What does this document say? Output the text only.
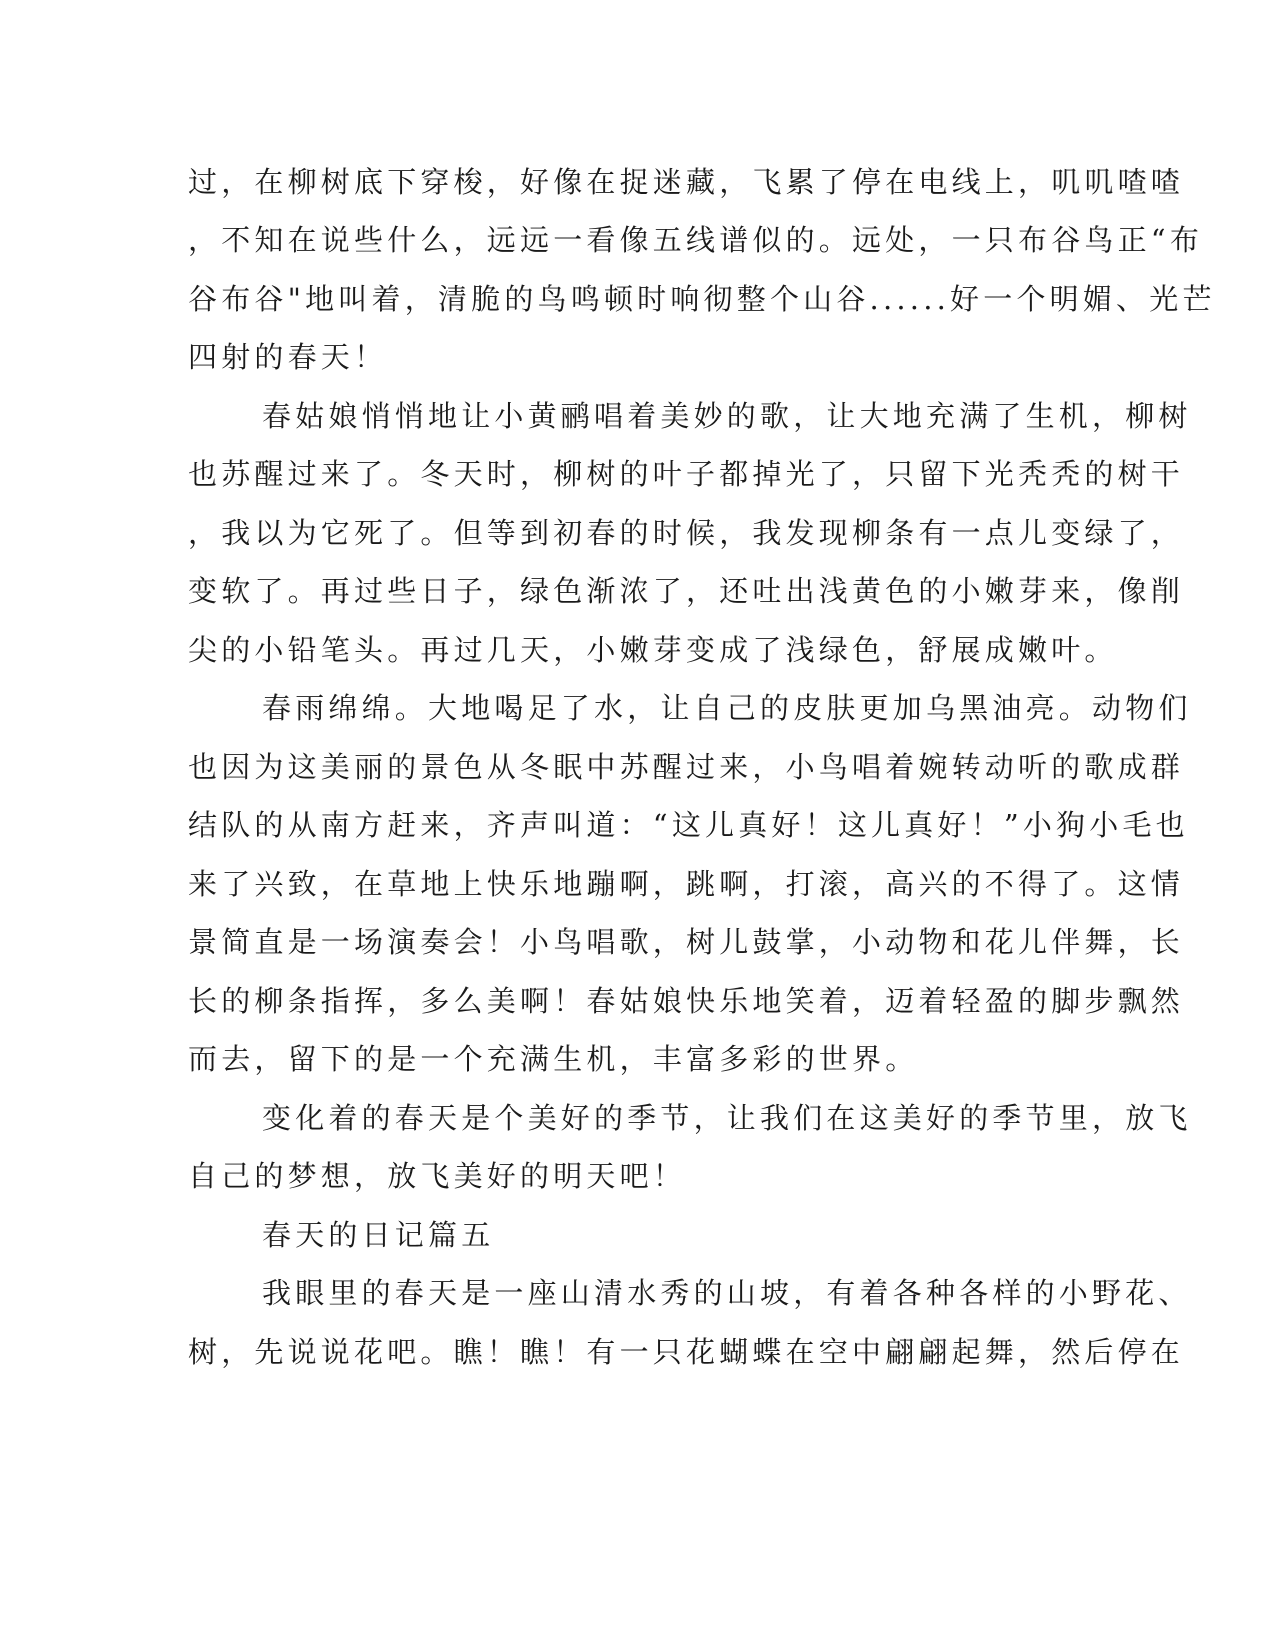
过，在柳树底下穿梭，好像在捉迷藏，飞累了停在电线上，叽叽喳喳
，不知在说些什么，远远一看像五线谱似的。远处，一只布谷鸟正“布
谷布谷"地叫着，清脆的鸟鸣顿时响彻整个山谷......好一个明媚、光芒
四射的春天！
春姑娘悄悄地让小黄鹂唱着美妙的歌，让大地充满了生机，柳树
也苏醒过来了。冬天时，柳树的叶子都掉光了，只留下光秃秃的树干
，我以为它死了。但等到初春的时候，我发现柳条有一点儿变绿了，
变软了。再过些日子，绿色渐浓了，还吐出浅黄色的小嫩芽来，像削
尖的小铅笔头。再过几天，小嫩芽变成了浅绿色，舒展成嫩叶。
春雨绵绵。大地喝足了水，让自己的皮肤更加乌黑油亮。动物们
也因为这美丽的景色从冬眠中苏醒过来，小鸟唱着婉转动听的歌成群
结队的从南方赶来，齐声叫道：“这儿真好！这儿真好！”小狗小毛也
来了兴致，在草地上快乐地蹦啊，跳啊，打滚，高兴的不得了。这情
景简直是一场演奏会！小鸟唱歌，树儿鼓掌，小动物和花儿伴舞，长
长的柳条指挥，多么美啊！春姑娘快乐地笑着，迈着轻盈的脚步飘然
而去，留下的是一个充满生机，丰富多彩的世界。
变化着的春天是个美好的季节，让我们在这美好的季节里，放飞
自己的梦想，放飞美好的明天吧！
春天的日记篇五
我眼里的春天是一座山清水秀的山坡，有着各种各样的小野花、
树，先说说花吧。瞧！瞧！有一只花蝴蝶在空中翩翩起舞，然后停在
